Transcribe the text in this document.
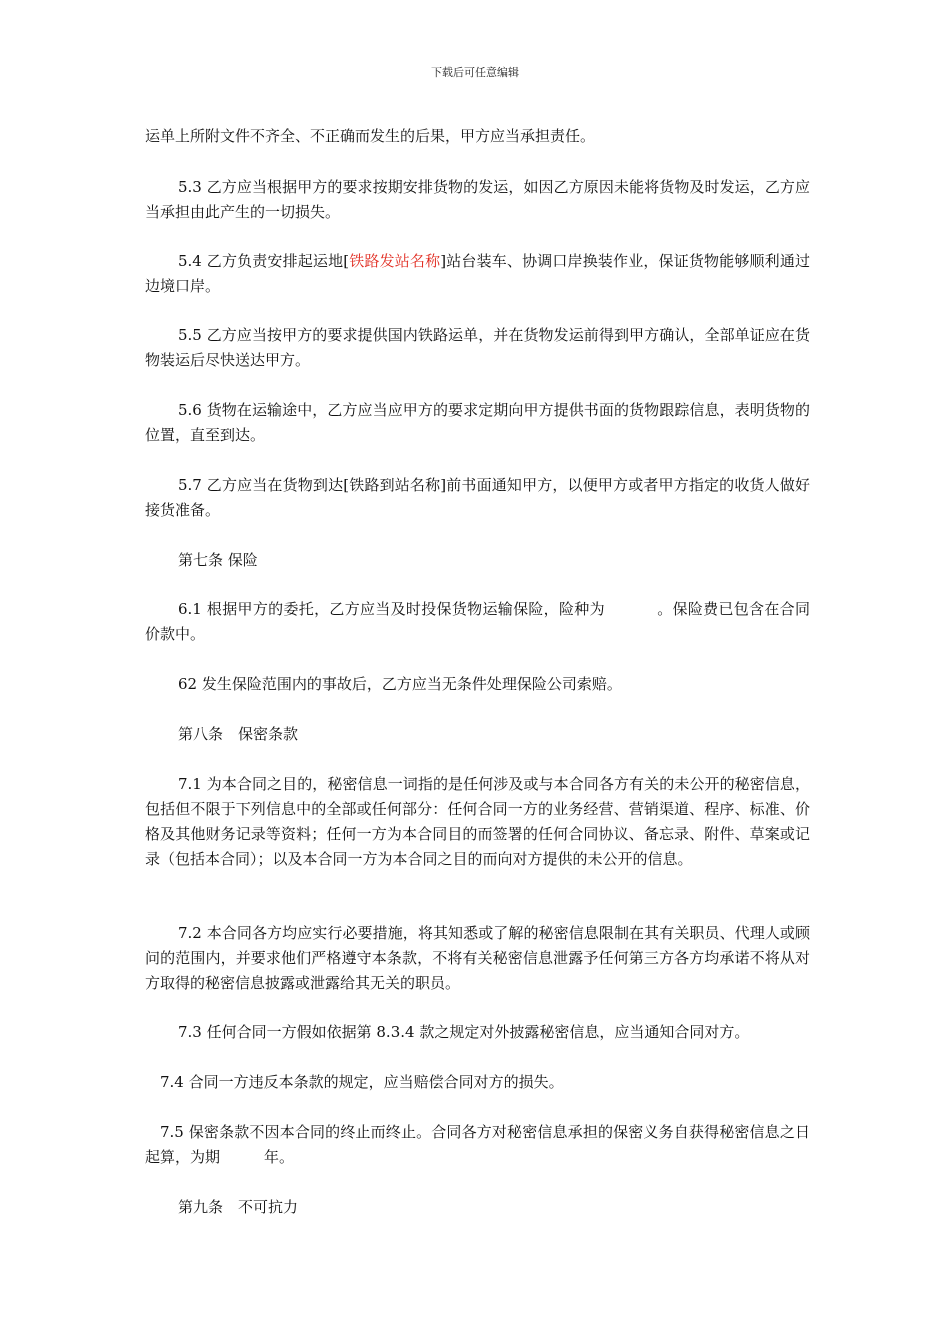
下载后可任意编辑

运单上所附文件不齐全、不正确而发生的后果，甲方应当承担责任。

5.3 乙方应当根据甲方的要求按期安排货物的发运，如因乙方原因未能将货物及时发运，乙方应当承担由此产生的一切损失。

5.4 乙方负责安排起运地[铁路发站名称]站台装车、协调口岸换装作业，保证货物能够顺利通过边境口岸。

5.5 乙方应当按甲方的要求提供国内铁路运单，并在货物发运前得到甲方确认，全部单证应在货物装运后尽快送达甲方。

5.6 货物在运输途中，乙方应当应甲方的要求定期向甲方提供书面的货物跟踪信息，表明货物的位置，直至到达。

5.7 乙方应当在货物到达[铁路到站名称]前书面通知甲方，以便甲方或者甲方指定的收货人做好接货准备。

第七条 保险

6.1 根据甲方的委托，乙方应当及时投保货物运输保险，险种为	。保险费已包含在合同价款中。

62 发生保险范围内的事故后，乙方应当无条件处理保险公司索赔。

第八条　保密条款

7.1 为本合同之目的，秘密信息一词指的是任何涉及或与本合同各方有关的未公开的秘密信息，包括但不限于下列信息中的全部或任何部分：任何合同一方的业务经营、营销渠道、程序、标准、价格及其他财务记录等资料；任何一方为本合同目的而签署的任何合同协议、备忘录、附件、草案或记录（包括本合同）；以及本合同一方为本合同之目的而向对方提供的未公开的信息。

7.2 本合同各方均应实行必要措施，将其知悉或了解的秘密信息限制在其有关职员、代理人或顾问的范围内，并要求他们严格遵守本条款，不将有关秘密信息泄露予任何第三方各方均承诺不将从对方取得的秘密信息披露或泄露给其无关的职员。

7.3 任何合同一方假如依据第 8.3.4 款之规定对外披露秘密信息，应当通知合同对方。

7.4 合同一方违反本条款的规定，应当赔偿合同对方的损失。

7.5 保密条款不因本合同的终止而终止。合同各方对秘密信息承担的保密义务自获得秘密信息之日起算，为期	年。

第九条　不可抗力
